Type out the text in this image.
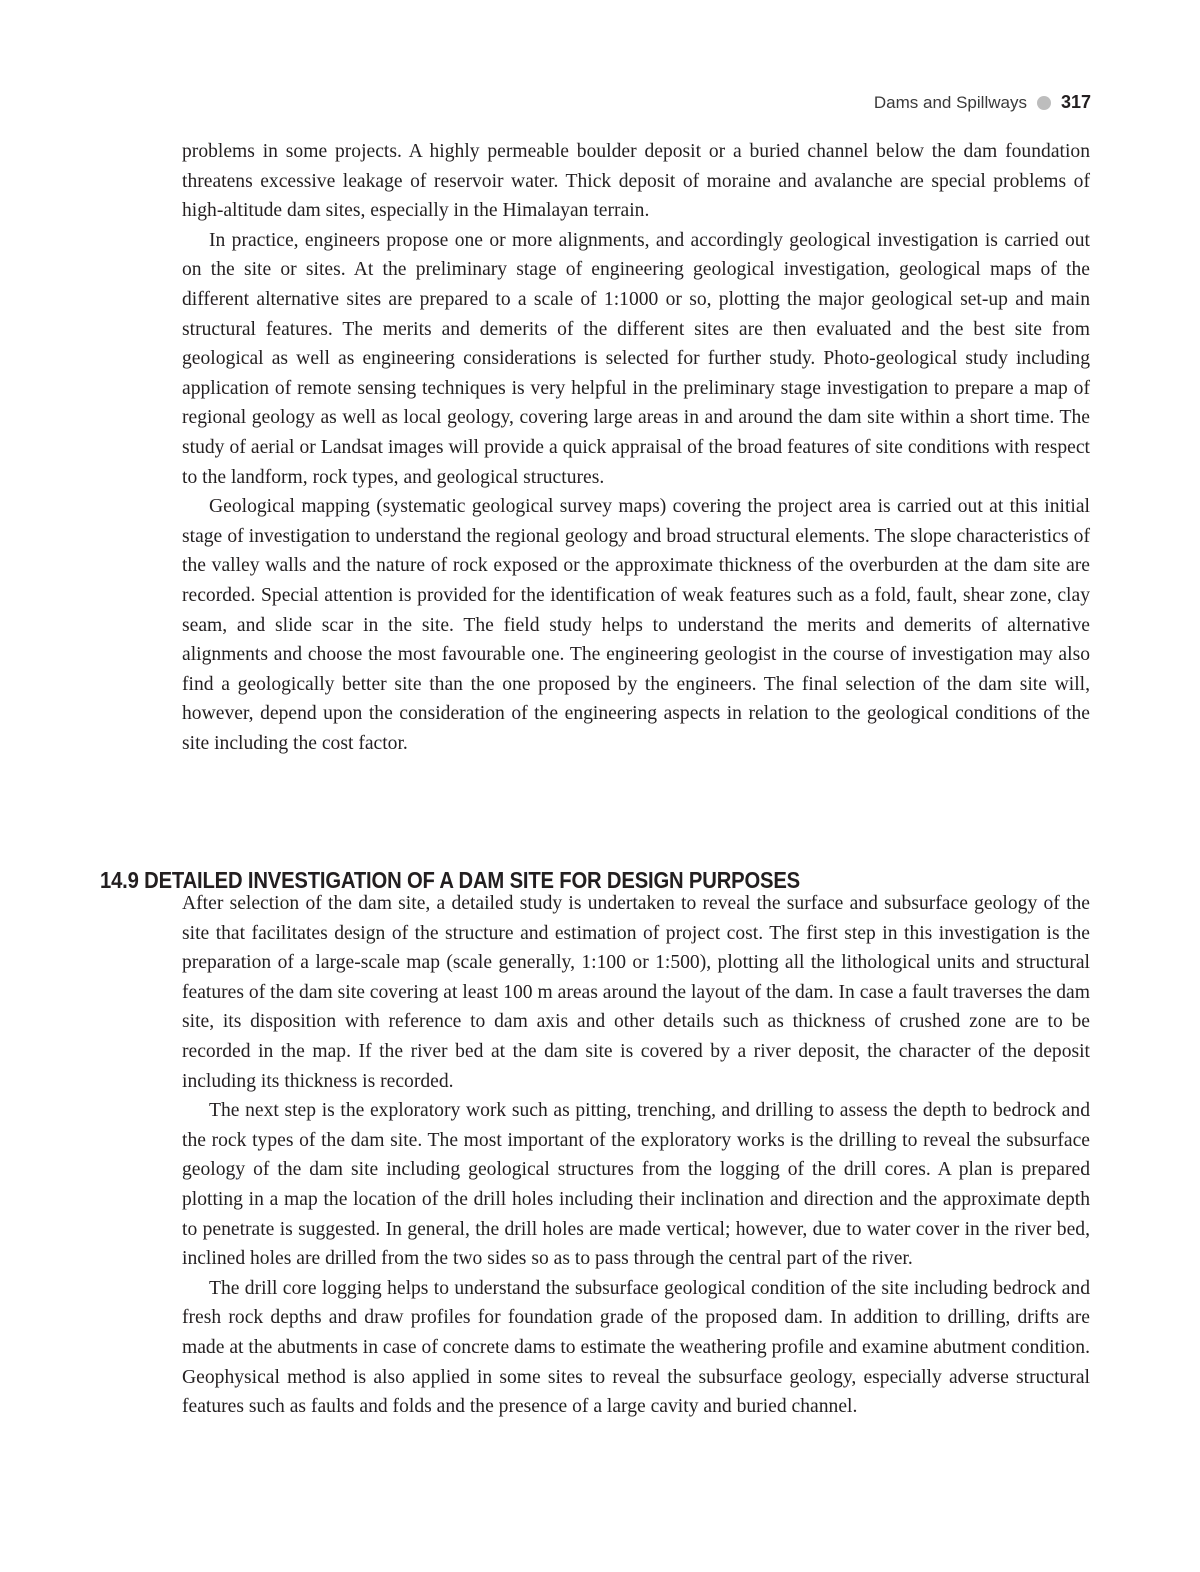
Dams and Spillways 317

problems in some projects. A highly permeable boulder deposit or a buried channel below the dam foundation threatens excessive leakage of reservoir water. Thick deposit of moraine and avalanche are special problems of high-altitude dam sites, especially in the Himalayan terrain.

In practice, engineers propose one or more alignments, and accordingly geological investigation is carried out on the site or sites. At the preliminary stage of engineering geological investigation, geological maps of the different alternative sites are prepared to a scale of 1:1000 or so, plotting the major geological set-up and main structural features. The merits and demerits of the different sites are then evaluated and the best site from geological as well as engineering considerations is selected for further study. Photo-geological study including application of remote sensing techniques is very helpful in the preliminary stage investigation to prepare a map of regional geology as well as local geology, covering large areas in and around the dam site within a short time. The study of aerial or Landsat images will provide a quick appraisal of the broad features of site conditions with respect to the landform, rock types, and geological structures.

Geological mapping (systematic geological survey maps) covering the project area is carried out at this initial stage of investigation to understand the regional geology and broad structural elements. The slope characteristics of the valley walls and the nature of rock exposed or the approximate thickness of the overburden at the dam site are recorded. Special attention is provided for the identification of weak features such as a fold, fault, shear zone, clay seam, and slide scar in the site. The field study helps to understand the merits and demerits of alternative alignments and choose the most favourable one. The engineering geologist in the course of investigation may also find a geologically better site than the one proposed by the engineers. The final selection of the dam site will, however, depend upon the consideration of the engineering aspects in relation to the geological conditions of the site including the cost factor.

14.9 DETAILED INVESTIGATION OF A DAM SITE FOR DESIGN PURPOSES

After selection of the dam site, a detailed study is undertaken to reveal the surface and subsurface geology of the site that facilitates design of the structure and estimation of project cost. The first step in this investigation is the preparation of a large-scale map (scale generally, 1:100 or 1:500), plotting all the lithological units and structural features of the dam site covering at least 100 m areas around the layout of the dam. In case a fault traverses the dam site, its disposition with reference to dam axis and other details such as thickness of crushed zone are to be recorded in the map. If the river bed at the dam site is covered by a river deposit, the character of the deposit including its thickness is recorded.

The next step is the exploratory work such as pitting, trenching, and drilling to assess the depth to bedrock and the rock types of the dam site. The most important of the exploratory works is the drilling to reveal the subsurface geology of the dam site including geological structures from the logging of the drill cores. A plan is prepared plotting in a map the location of the drill holes including their inclination and direction and the approximate depth to penetrate is suggested. In general, the drill holes are made vertical; however, due to water cover in the river bed, inclined holes are drilled from the two sides so as to pass through the central part of the river.

The drill core logging helps to understand the subsurface geological condition of the site including bedrock and fresh rock depths and draw profiles for foundation grade of the proposed dam. In addition to drilling, drifts are made at the abutments in case of concrete dams to estimate the weathering profile and examine abutment condition. Geophysical method is also applied in some sites to reveal the subsurface geology, especially adverse structural features such as faults and folds and the presence of a large cavity and buried channel.
